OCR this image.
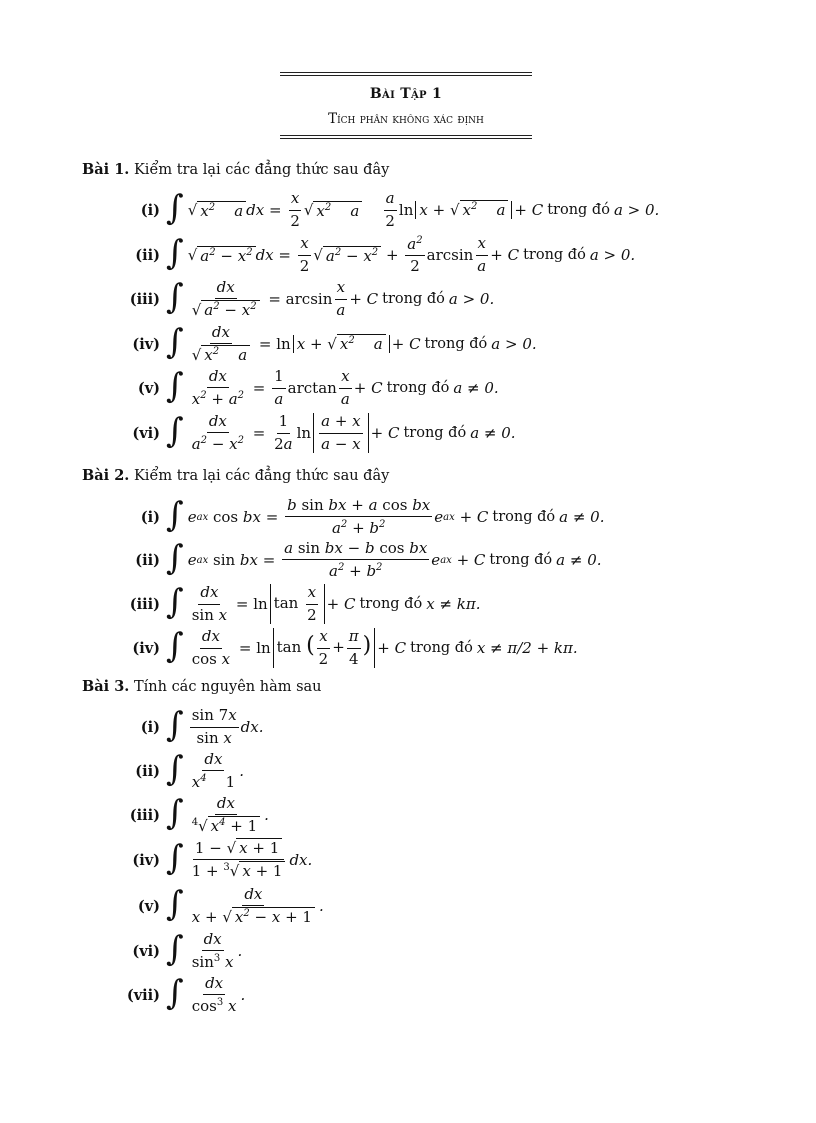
Bài Tập 1
Tích phân không xác định
Bài 1. Kiểm tra lại các đẳng thức sau đây
(i) ∫ √ $x^2$    a dx = $\frac{x}{2}$ √ $x^2$    a
$\frac{a}{2}$ ln x + √ $x^2$    a + C trong đó a > 0.
(ii) ∫ √ $a^2 - x^2$ dx = $\frac{x}{2}$ √ $a^2 - x^2$
+
$\frac{a^2}{2}$ $\arcsin \frac{x}{a} + C$ trong đó a > 0.
(iii) ∫ $\frac{dx}{√ a^2 - x^2} = \arcsin \frac{x}{a} + C$ trong đó a > 0.
(iv) ∫ $\frac{dx}{√ x^2 a} = \ln x$ + √ $x^2$    a + C trong đó a > 0.
(v) ∫ $\frac{dx}{x^2 + a^2} = \frac{1}{a}$ $\arctan \frac{x}{a} + C$ trong đó a ≠ 0.
(vi) ∫ $\frac{dx}{a^2 - x^2} = \frac{1}{2a}$ $\ln \frac{a + x}{a - x} + C$ trong đó a ≠ 0.
Bài 2. Kiểm tra lại các đẳng thức sau đây
(i) ∫ e ax
cos bx = $\frac{\text{b sin bx + a cos bx}}{a^2 + b^2}$ e ax
+ C trong đó a ≠ 0.
(ii) ∫ e ax
sin bx = $\frac{\text{a sin bx − b cos bx}}{a^2 + b^2}$ e ax
+ C trong đó a ≠ 0.
(iii) ∫ $\frac{dx}{\text{sin x}} = \ln \tan \frac{x}{2} + C$ trong đó x ≠ kπ.
(iv) ∫ $\frac{dx}{\text{cos x}} = \ln \tan$ ( $\frac{x}{2} + \frac{\pi}{4}$ ) + C trong đó x ≠ π/2 + kπ.
Bài 3. Tính các nguyên hàm sau
(i) ∫ $\frac{\sin 7x}{\text{sin x}}$ dx.
(ii) ∫ $\frac{dx}{x^4 1}$ .
(iii) ∫ $\frac{dx}{^4√ x^4 + 1}$ .
(iv) ∫ $\frac{1 - √ x + 1}{1 + ^3√ x + 1}$ dx.
(v) ∫ $\frac{dx}{x + √ x^2 - x + 1}$ .
(vi) ∫ $\frac{dx}{\sin^3 x}$ .
(vii) ∫ $\frac{dx}{\cos^3 x}$ .
